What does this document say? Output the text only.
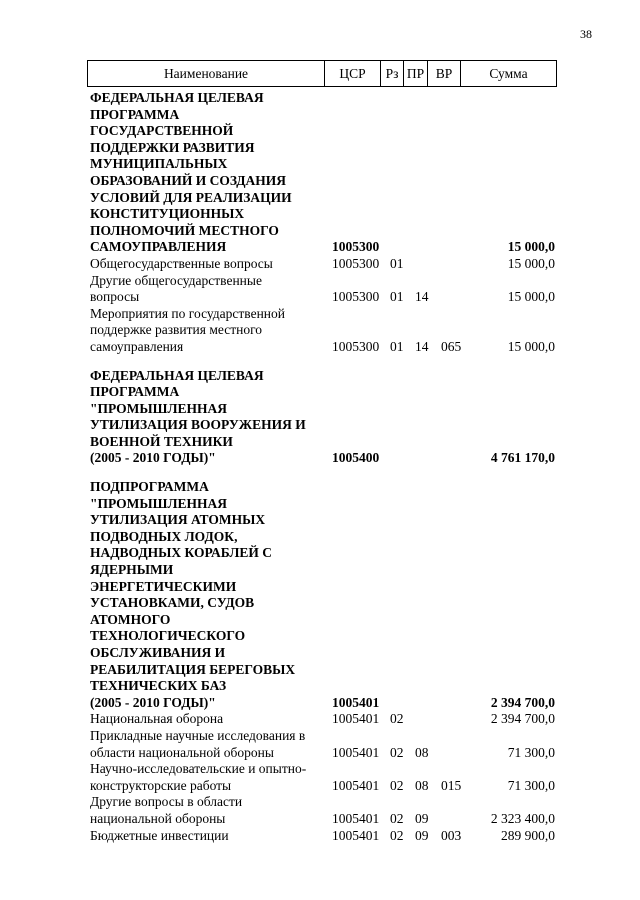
38
Наименование	ЦСР	Рз ПР ВР	Сумма
ФЕДЕРАЛЬНАЯ ЦЕЛЕВАЯ
ПРОГРАММА
ГОСУДАРСТВЕННОЙ
ПОДДЕРЖКИ РАЗВИТИЯ
МУНИЦИПАЛЬНЫХ
ОБРАЗОВАНИЙ И СОЗДАНИЯ
УСЛОВИЙ ДЛЯ РЕАЛИЗАЦИИ
КОНСТИТУЦИОННЫХ
ПОЛНОМОЧИЙ МЕСТНОГО
САМОУПРАВЛЕНИЯ	1005300	15 000,0
Общегосударственные вопросы	1005300 01	15 000,0
Другие общегосударственные
вопросы	1005300 01 14	15 000,0
Мероприятия по государственной
поддержке развития местного
самоуправления	1005300 01 14 065	15 000,0
ФЕДЕРАЛЬНАЯ ЦЕЛЕВАЯ
ПРОГРАММА
"ПРОМЫШЛЕННАЯ
УТИЛИЗАЦИЯ ВООРУЖЕНИЯ И
ВОЕННОЙ ТЕХНИКИ
(2005 - 2010 ГОДЫ)"	1005400	4 761 170,0
ПОДПРОГРАММА
"ПРОМЫШЛЕННАЯ
УТИЛИЗАЦИЯ АТОМНЫХ
ПОДВОДНЫХ ЛОДОК,
НАДВОДНЫХ КОРАБЛЕЙ С
ЯДЕРНЫМИ
ЭНЕРГЕТИЧЕСКИМИ
УСТАНОВКАМИ, СУДОВ
АТОМНОГО
ТЕХНОЛОГИЧЕСКОГО
ОБСЛУЖИВАНИЯ И
РЕАБИЛИТАЦИЯ БЕРЕГОВЫХ
ТЕХНИЧЕСКИХ БАЗ
(2005 - 2010 ГОДЫ)"	1005401	2 394 700,0
Национальная оборона	1005401 02	2 394 700,0
Прикладные научные исследования в
области национальной обороны	1005401 02 08	71 300,0
Научно-исследовательские и опытно-
конструкторские работы	1005401 02 08 015	71 300,0
Другие вопросы в области
национальной обороны	1005401 02 09	2 323 400,0
Бюджетные инвестиции	1005401 02 09 003	289 900,0
